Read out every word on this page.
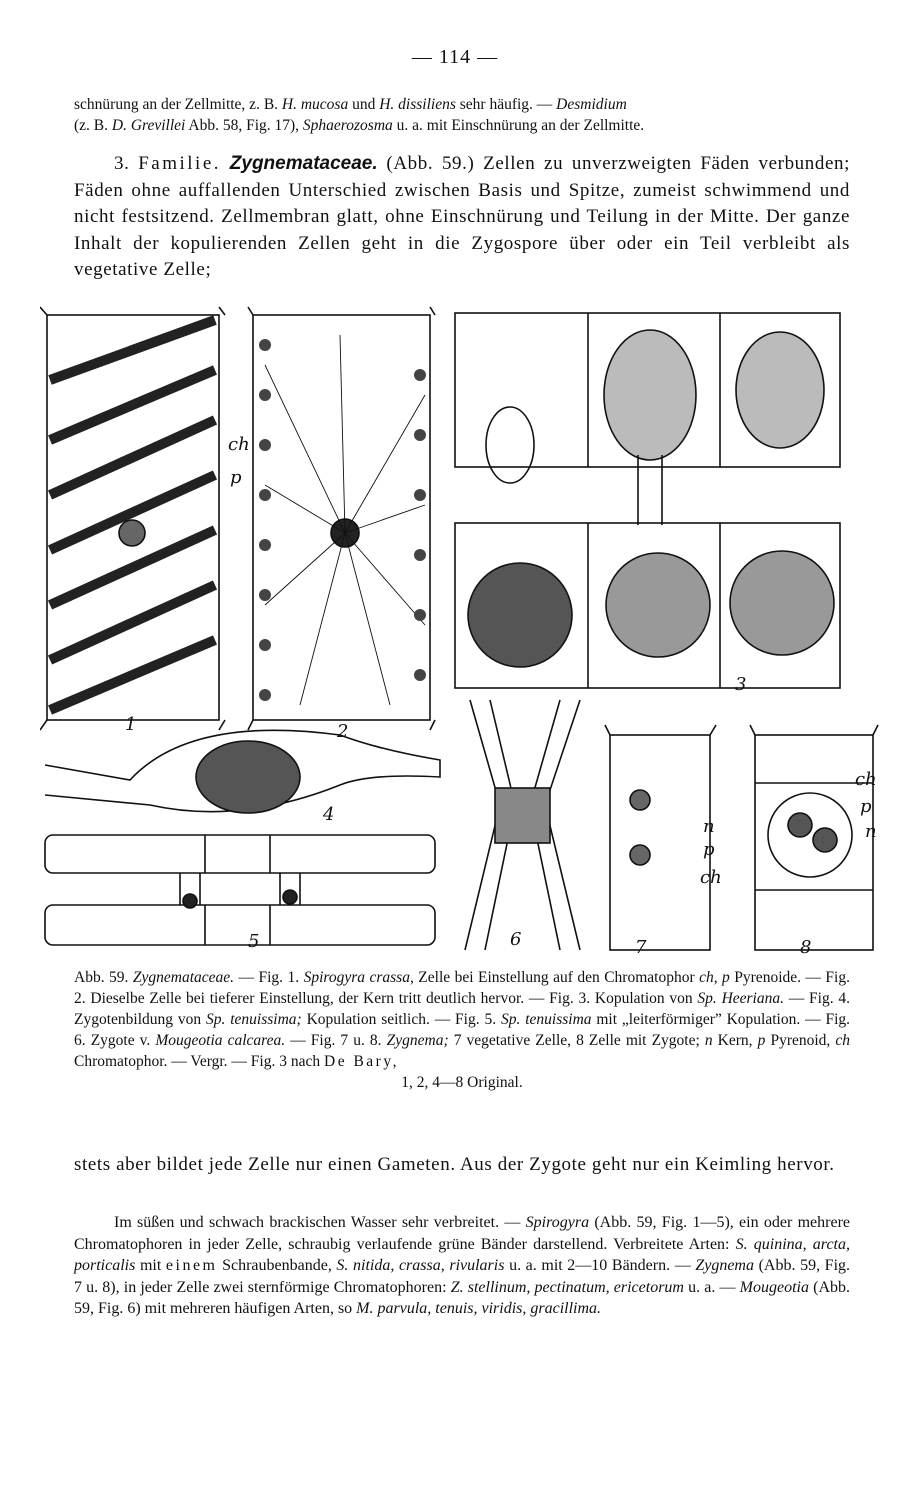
— 114 —
schnürung an der Zellmitte, z. B. H. mucosa und H. dissiliens sehr häufig. — Desmidium
(z. B. D. Grevillei Abb. 58, Fig. 17), Sphaerozosma u. a. mit Einschnürung an der Zellmitte.
3. Familie. Zygnemataceae. (Abb. 59.) Zellen zu unverzweigten Fäden verbunden; Fäden ohne auffallenden Unterschied zwischen Basis und Spitze, zumeist schwimmend und nicht festsitzend. Zellmembran glatt, ohne Einschnürung und Teilung in der Mitte. Der ganze Inhalt der kopulierenden Zellen geht in die Zygospore über oder ein Teil verbleibt als vegetative Zelle;
1	2
3
4
5	6	7	8
ch
p
n
p
ch
ch
p
n
Abb. 59. Zygnemataceae. — Fig. 1. Spirogyra crassa, Zelle bei Einstellung auf den Chromatophor ch, p Pyrenoide. — Fig. 2. Dieselbe Zelle bei tieferer Einstellung, der Kern tritt deutlich hervor. — Fig. 3. Kopulation von Sp. Heeriana. — Fig. 4. Zygotenbildung von Sp. tenuissima; Kopulation seitlich. — Fig. 5. Sp. tenuissima mit „leiterförmiger” Kopulation. — Fig. 6. Zygote v. Mougeotia calcarea. — Fig. 7 u. 8. Zygnema; 7 vegetative Zelle, 8 Zelle mit Zygote; n Kern, p Pyrenoid, ch Chromatophor. — Vergr. — Fig. 3 nach De Bary,
1, 2, 4—8 Original.
stets aber bildet jede Zelle nur einen Gameten. Aus der Zygote geht nur ein Keimling hervor.
Im süßen und schwach brackischen Wasser sehr verbreitet. — Spirogyra (Abb. 59, Fig. 1—5), ein oder mehrere Chromatophoren in jeder Zelle, schraubig verlaufende grüne Bänder darstellend. Verbreitete Arten: S. quinina, arcta, porticalis mit einem Schraubenbande, S. nitida, crassa, rivularis u. a. mit 2—10 Bändern. — Zygnema (Abb. 59, Fig. 7 u. 8), in jeder Zelle zwei sternförmige Chromatophoren: Z. stellinum, pectinatum, ericetorum u. a. — Mougeotia (Abb. 59, Fig. 6) mit mehreren häufigen Arten, so M. parvula, tenuis, viridis, gracillima.
